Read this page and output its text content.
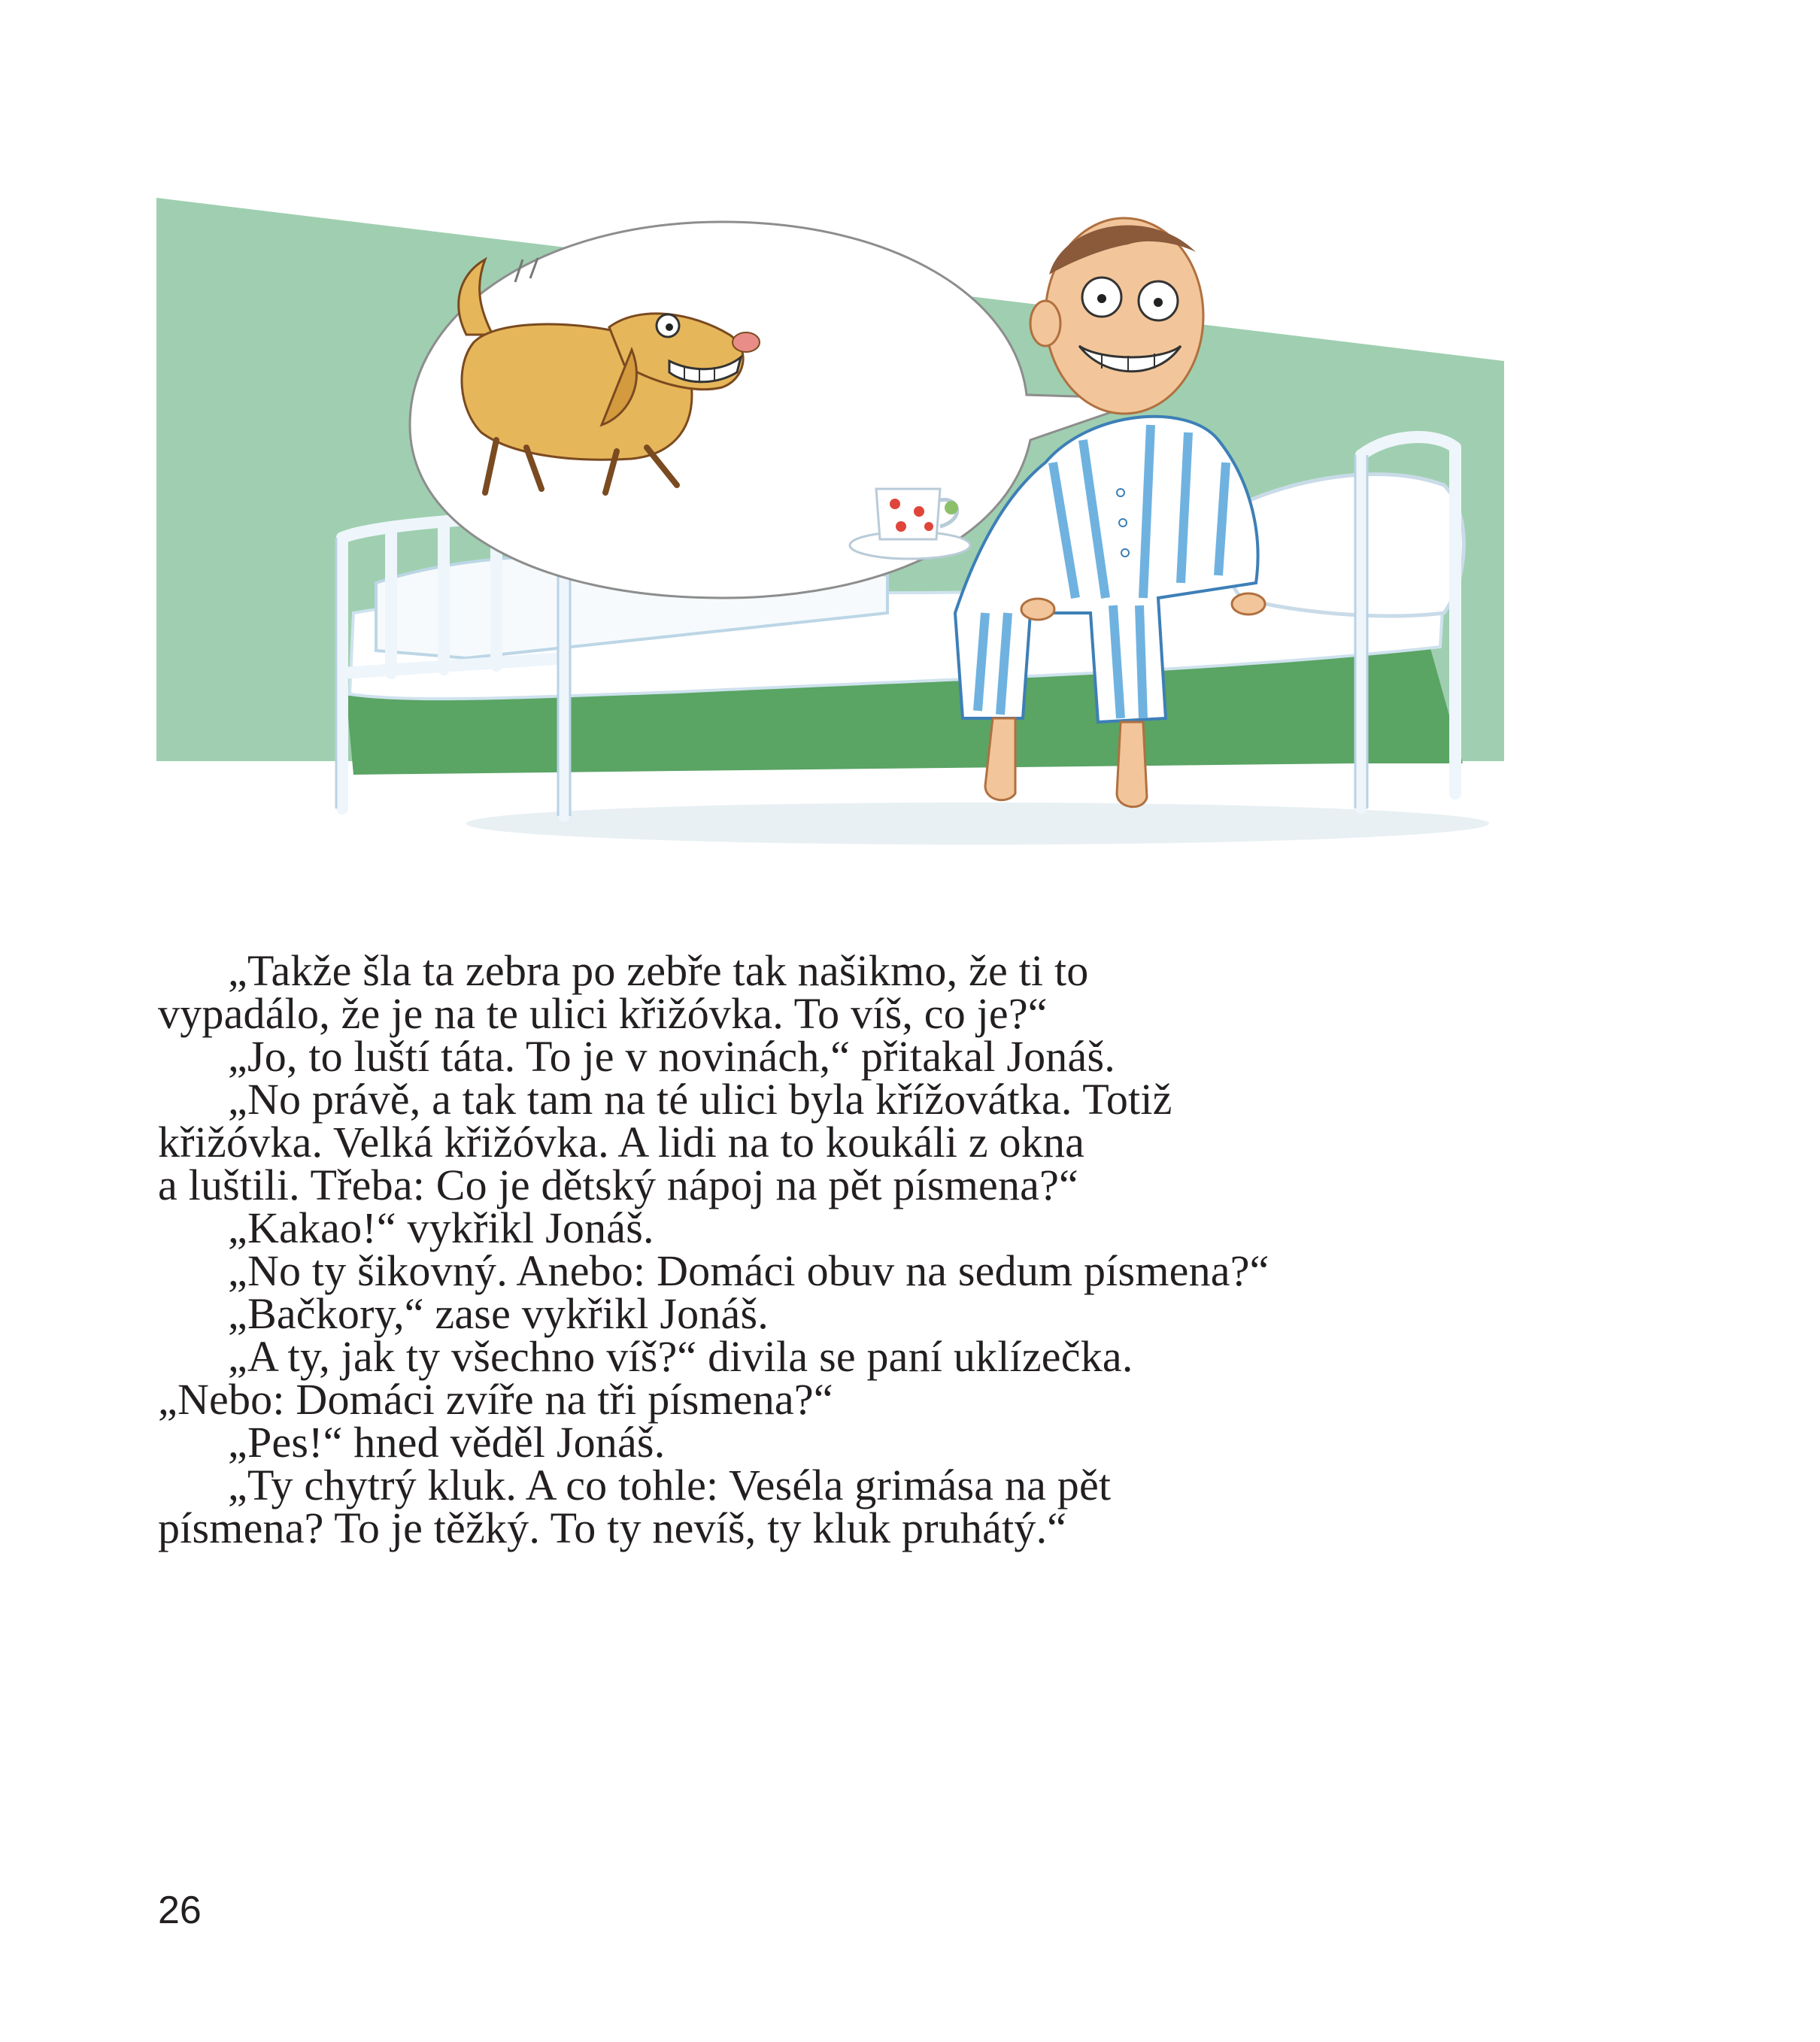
„Takže šla ta zebra po zebře tak našikmo, že ti to
vypadálo, že je na te ulici křižóvka. To víš, co je?“

„Jo, to luští táta. To je v novinách,“ přitakal Jonáš.

„No právě, a tak tam na té ulici byla křížovátka. Totiž
křižóvka. Velká křižóvka. A lidi na to koukáli z okna
a luštili. Třeba: Co je dětský nápoj na pět písmena?“

„Kakao!“ vykřikl Jonáš.

„No ty šikovný. Anebo: Domáci obuv na sedum písmena?“

„Bačkory,“ zase vykřikl Jonáš.

„A ty, jak ty všechno víš?“ divila se paní uklízečka.

„Nebo: Domáci zvíře na tři písmena?“

„Pes!“ hned věděl Jonáš.

„Ty chytrý kluk. A co tohle: Veséla grimása na pět
písmena? To je těžký. To ty nevíš, ty kluk pruhátý.“

26
